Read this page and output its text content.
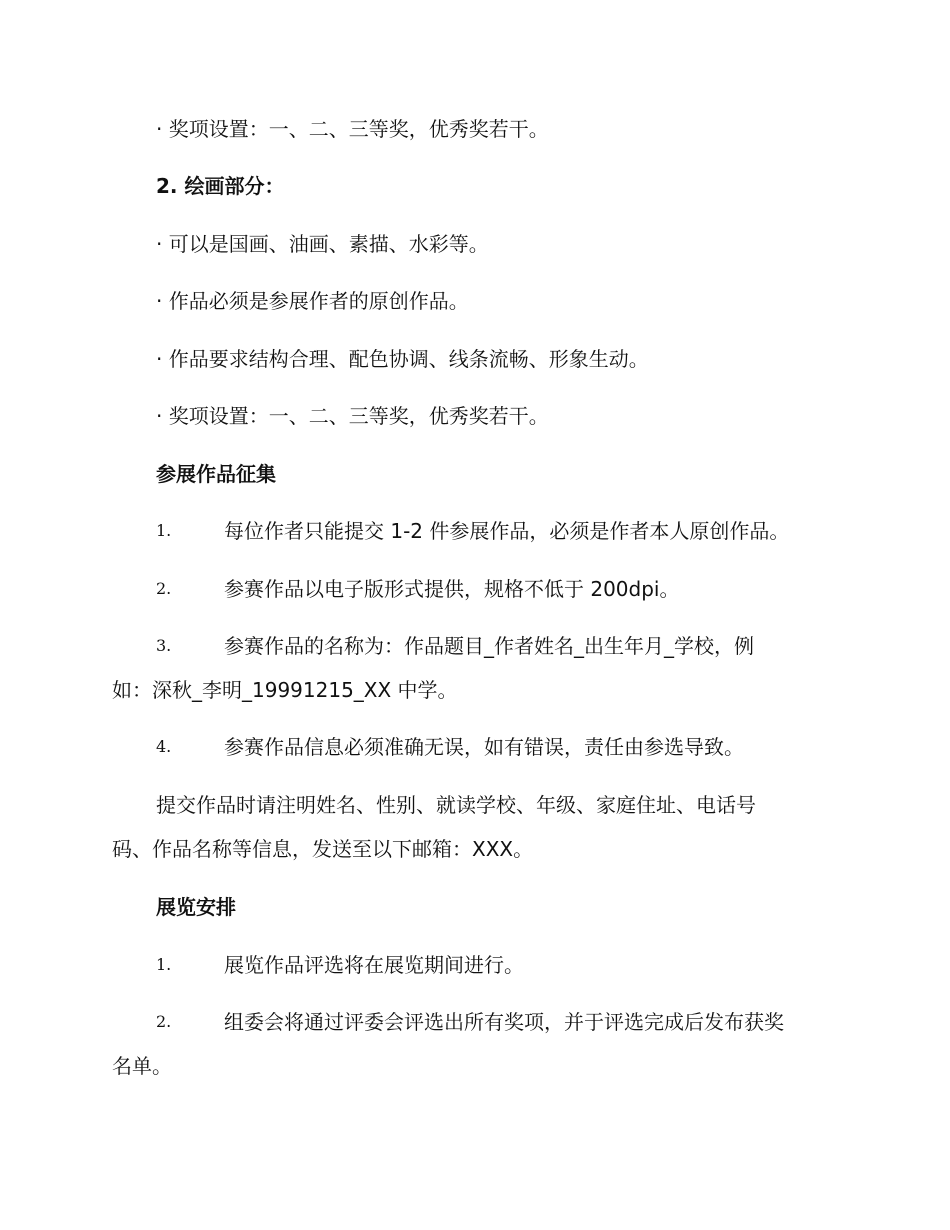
· 奖项设置：一、二、三等奖，优秀奖若干。
2. 绘画部分：
· 可以是国画、油画、素描、水彩等。
· 作品必须是参展作者的原创作品。
· 作品要求结构合理、配色协调、线条流畅、形象生动。
· 奖项设置：一、二、三等奖，优秀奖若干。
参展作品征集
1.	每位作者只能提交 1-2 件参展作品，必须是作者本人原创作品。
2.	参赛作品以电子版形式提供，规格不低于 200dpi。
3.	参赛作品的名称为：作品题目_作者姓名_出生年月_学校，例
如：深秋_李明_19991215_XX 中学。
4.	参赛作品信息必须准确无误，如有错误，责任由参选导致。
提交作品时请注明姓名、性别、就读学校、年级、家庭住址、电话号
码、作品名称等信息，发送至以下邮箱：XXX。
展览安排
1.	展览作品评选将在展览期间进行。
2.	组委会将通过评委会评选出所有奖项，并于评选完成后发布获奖
名单。
